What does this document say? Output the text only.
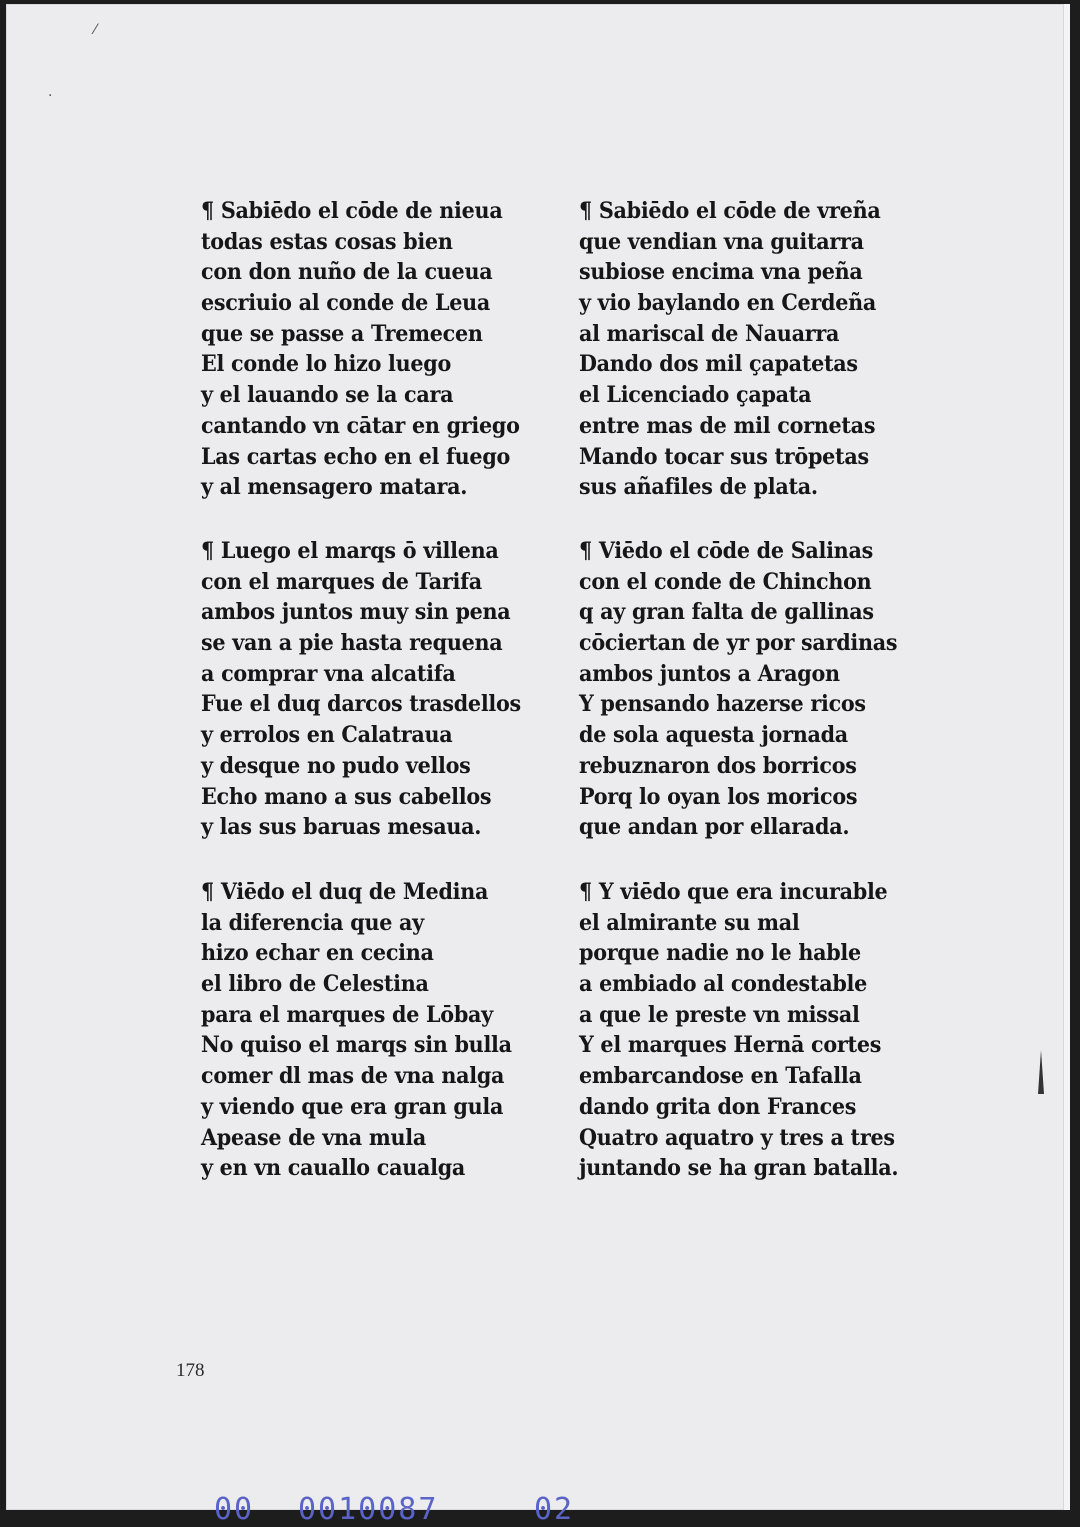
⁄
·
¶ Sabiēdo el cōde de nieua
todas estas cosas bien
con don nuño de la cueua
escriuio al conde de Leua
que se passe a Tremecen
El conde lo hizo luego
y el lauando se la cara
cantando vn cātar en griego
Las cartas echo en el fuego
y al mensagero matara.
¶ Luego el marqs ō villena
con el marques de Tarifa
ambos juntos muy sin pena
se van a pie hasta requena
a comprar vna alcatifa
Fue el duq darcos trasdellos
y errolos en Calatraua
y desque no pudo vellos
Echo mano a sus cabellos
y las sus baruas mesaua.
¶ Viēdo el duq de Medina
la diferencia que ay
hizo echar en cecina
el libro de Celestina
para el marques de Lōbay
No quiso el marqs sin bulla
comer dl mas de vna nalga
y viendo que era gran gula
Apease de vna mula
y en vn cauallo caualga
¶ Sabiēdo el cōde de vreña
que vendian vna guitarra
subiose encima vna peña
y vio baylando en Cerdeña
al mariscal de Nauarra
Dando dos mil çapatetas
el Licenciado çapata
entre mas de mil cornetas
Mando tocar sus trōpetas
sus añafiles de plata.
¶ Viēdo el cōde de Salinas
con el conde de Chinchon
q ay gran falta de gallinas
cōciertan de yr por sardinas
ambos juntos a Aragon
Y pensando hazerse ricos
de sola aquesta jornada
rebuznaron dos borricos
Porq lo oyan los moricos
que andan por ellarada.
¶ Y viēdo que era incurable
el almirante su mal
porque nadie no le hable
a embiado al condestable
a que le preste vn missal
Y el marques Hernā cortes
embarcandose en Tafalla
dando grita don Frances
Quatro aquatro y tres a tres
juntando se ha gran batalla.
178
00 0010087	02
